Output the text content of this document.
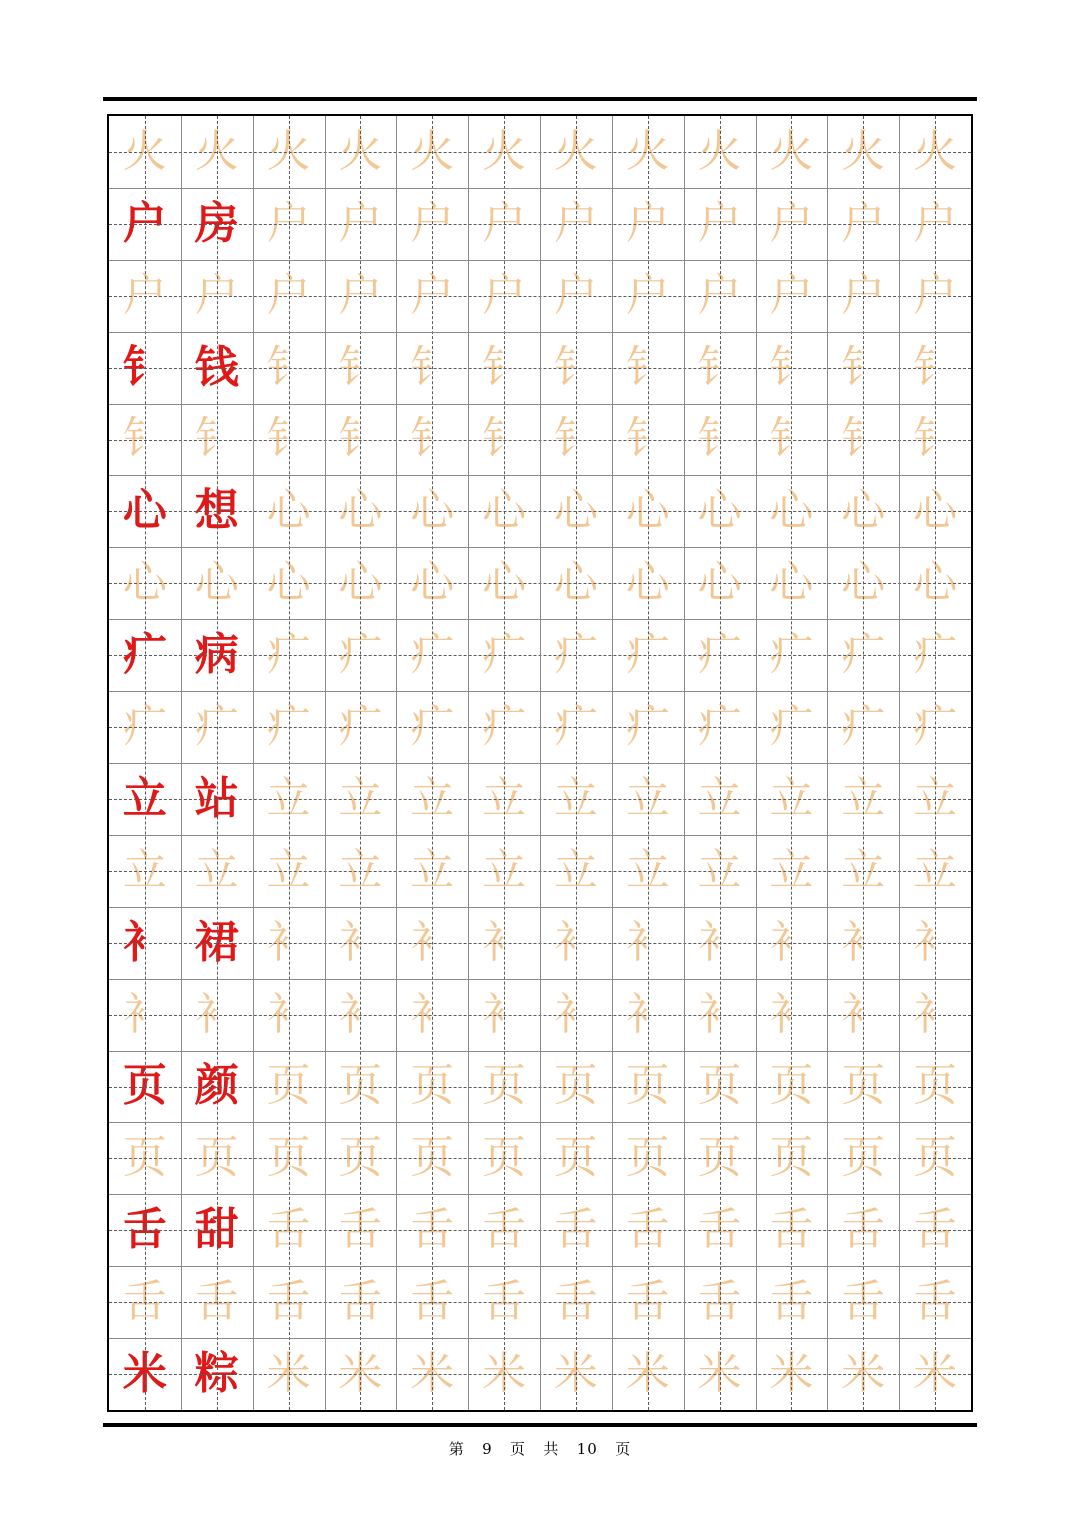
火 火 火 火 火 火 火 火 火 火 火 火
户 房 户 户 户 户 户 户 户 户 户 户
户 户 户 户 户 户 户 户 户 户 户 户
钅 钱 钅 钅 钅 钅 钅 钅 钅 钅 钅 钅
钅 钅 钅 钅 钅 钅 钅 钅 钅 钅 钅 钅
心 想 心 心 心 心 心 心 心 心 心 心
心 心 心 心 心 心 心 心 心 心 心 心
疒 病 疒 疒 疒 疒 疒 疒 疒 疒 疒 疒
疒 疒 疒 疒 疒 疒 疒 疒 疒 疒 疒 疒
立 站 立 立 立 立 立 立 立 立 立 立
立 立 立 立 立 立 立 立 立 立 立 立
衤 裙 衤 衤 衤 衤 衤 衤 衤 衤 衤 衤
衤 衤 衤 衤 衤 衤 衤 衤 衤 衤 衤 衤
页 颜 页 页 页 页 页 页 页 页 页 页
页 页 页 页 页 页 页 页 页 页 页 页
舌 甜 舌 舌 舌 舌 舌 舌 舌 舌 舌 舌
舌 舌 舌 舌 舌 舌 舌 舌 舌 舌 舌 舌
米 粽 米 米 米 米 米 米 米 米 米 米
第 9 页 共 10 页
